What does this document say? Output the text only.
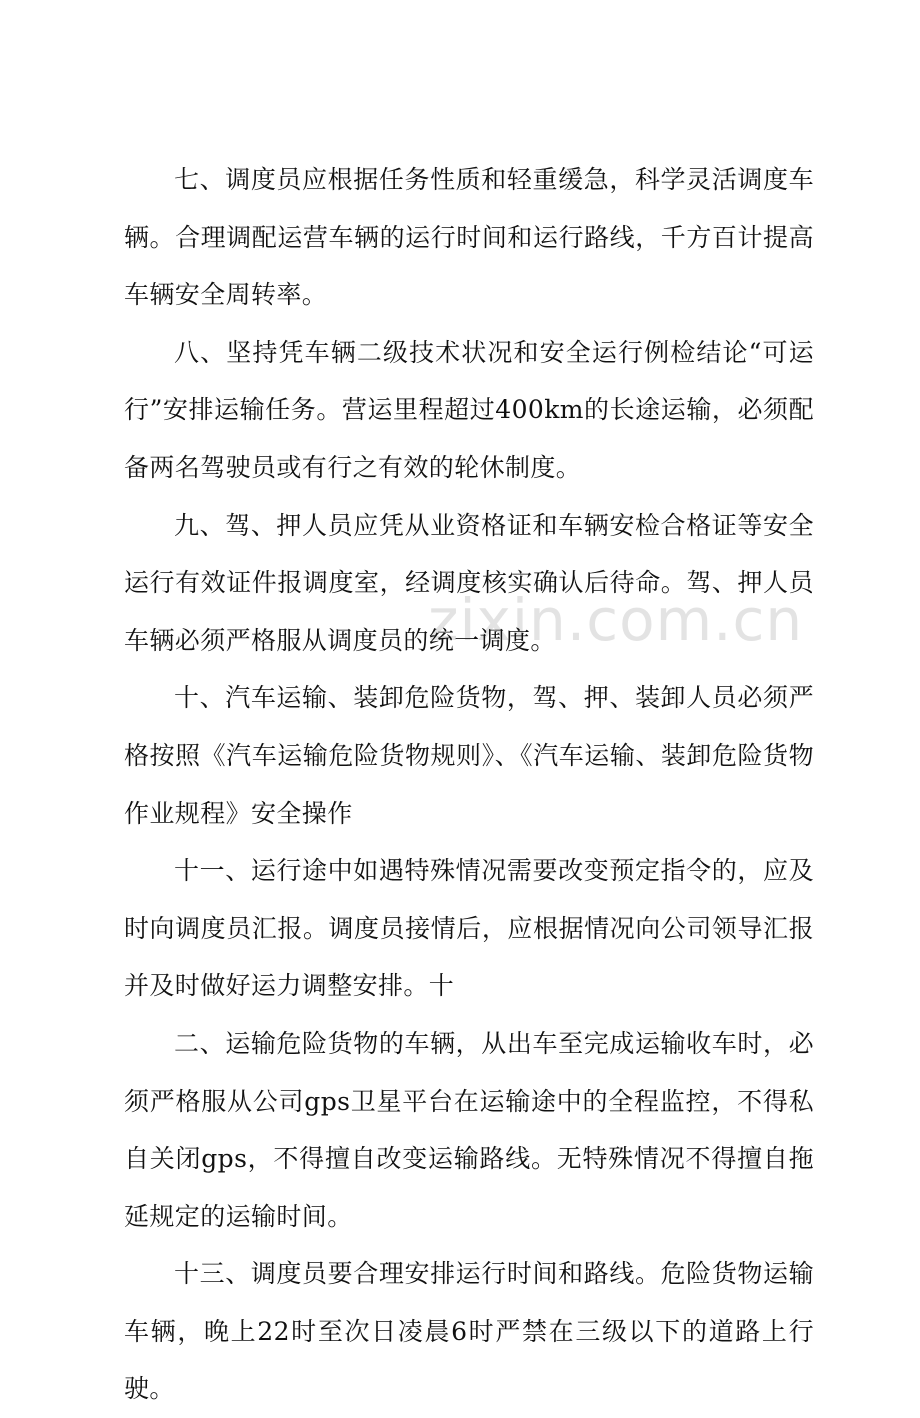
zixin.com.cn

七、调度员应根据任务性质和轻重缓急，科学灵活调度车辆。合理调配运营车辆的运行时间和运行路线，千方百计提高车辆安全周转率。

八、坚持凭车辆二级技术状况和安全运行例检结论“可运行”安排运输任务。营运里程超过400km的长途运输，必须配备两名驾驶员或有行之有效的轮休制度。

九、驾、押人员应凭从业资格证和车辆安检合格证等安全运行有效证件报调度室，经调度核实确认后待命。驾、押人员车辆必须严格服从调度员的统一调度。

十、汽车运输、装卸危险货物，驾、押、装卸人员必须严格按照《汽车运输危险货物规则》、《汽车运输、装卸危险货物作业规程》安全操作

十一、运行途中如遇特殊情况需要改变预定指令的，应及时向调度员汇报。调度员接情后，应根据情况向公司领导汇报并及时做好运力调整安排。十

二、运输危险货物的车辆，从出车至完成运输收车时，必须严格服从公司gps卫星平台在运输途中的全程监控，不得私自关闭gps，不得擅自改变运输路线。无特殊情况不得擅自拖延规定的运输时间。

十三、调度员要合理安排运行时间和路线。危险货物运输车辆，晚上22时至次日凌晨6时严禁在三级以下的道路上行驶。
